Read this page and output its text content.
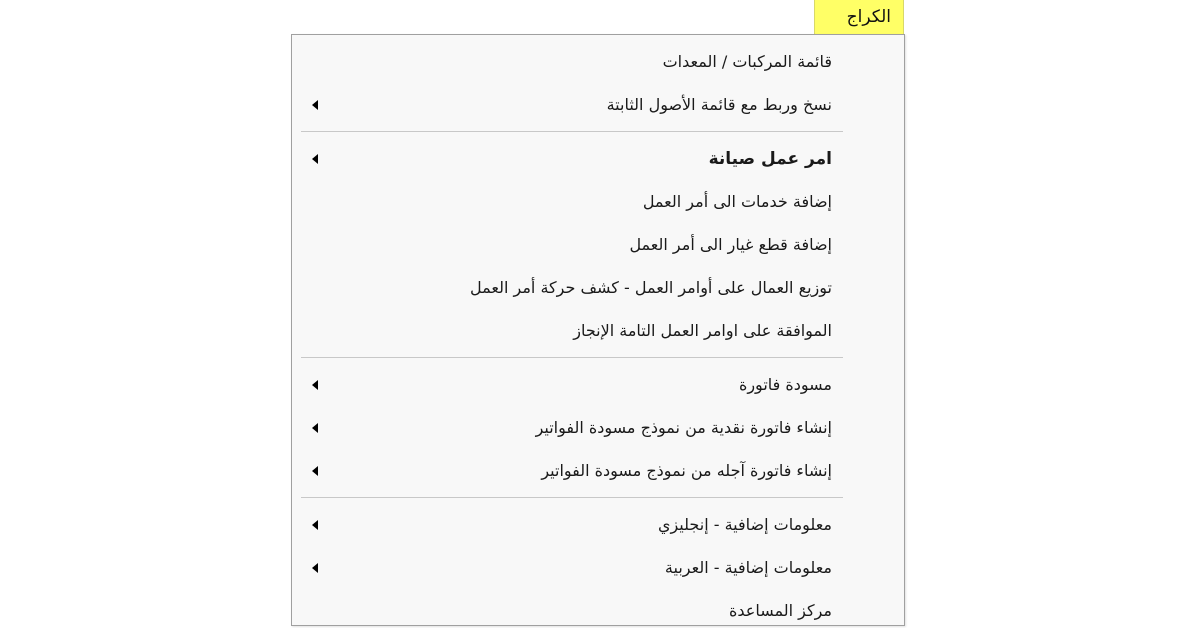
الكراج
قائمة المركبات / المعدات
نسخ وربط مع قائمة الأصول الثابتة
امر عمل صيانة
إضافة خدمات الى أمر العمل
إضافة قطع غيار الى أمر العمل
توزيع العمال على أوامر العمل - كشف حركة أمر العمل
الموافقة على اوامر العمل التامة الإنجاز
مسودة فاتورة
إنشاء فاتورة نقدية من نموذج مسودة الفواتير
إنشاء فاتورة آجله من نموذج مسودة الفواتير
معلومات إضافية - إنجليزي
معلومات إضافية - العربية
مركز المساعدة
